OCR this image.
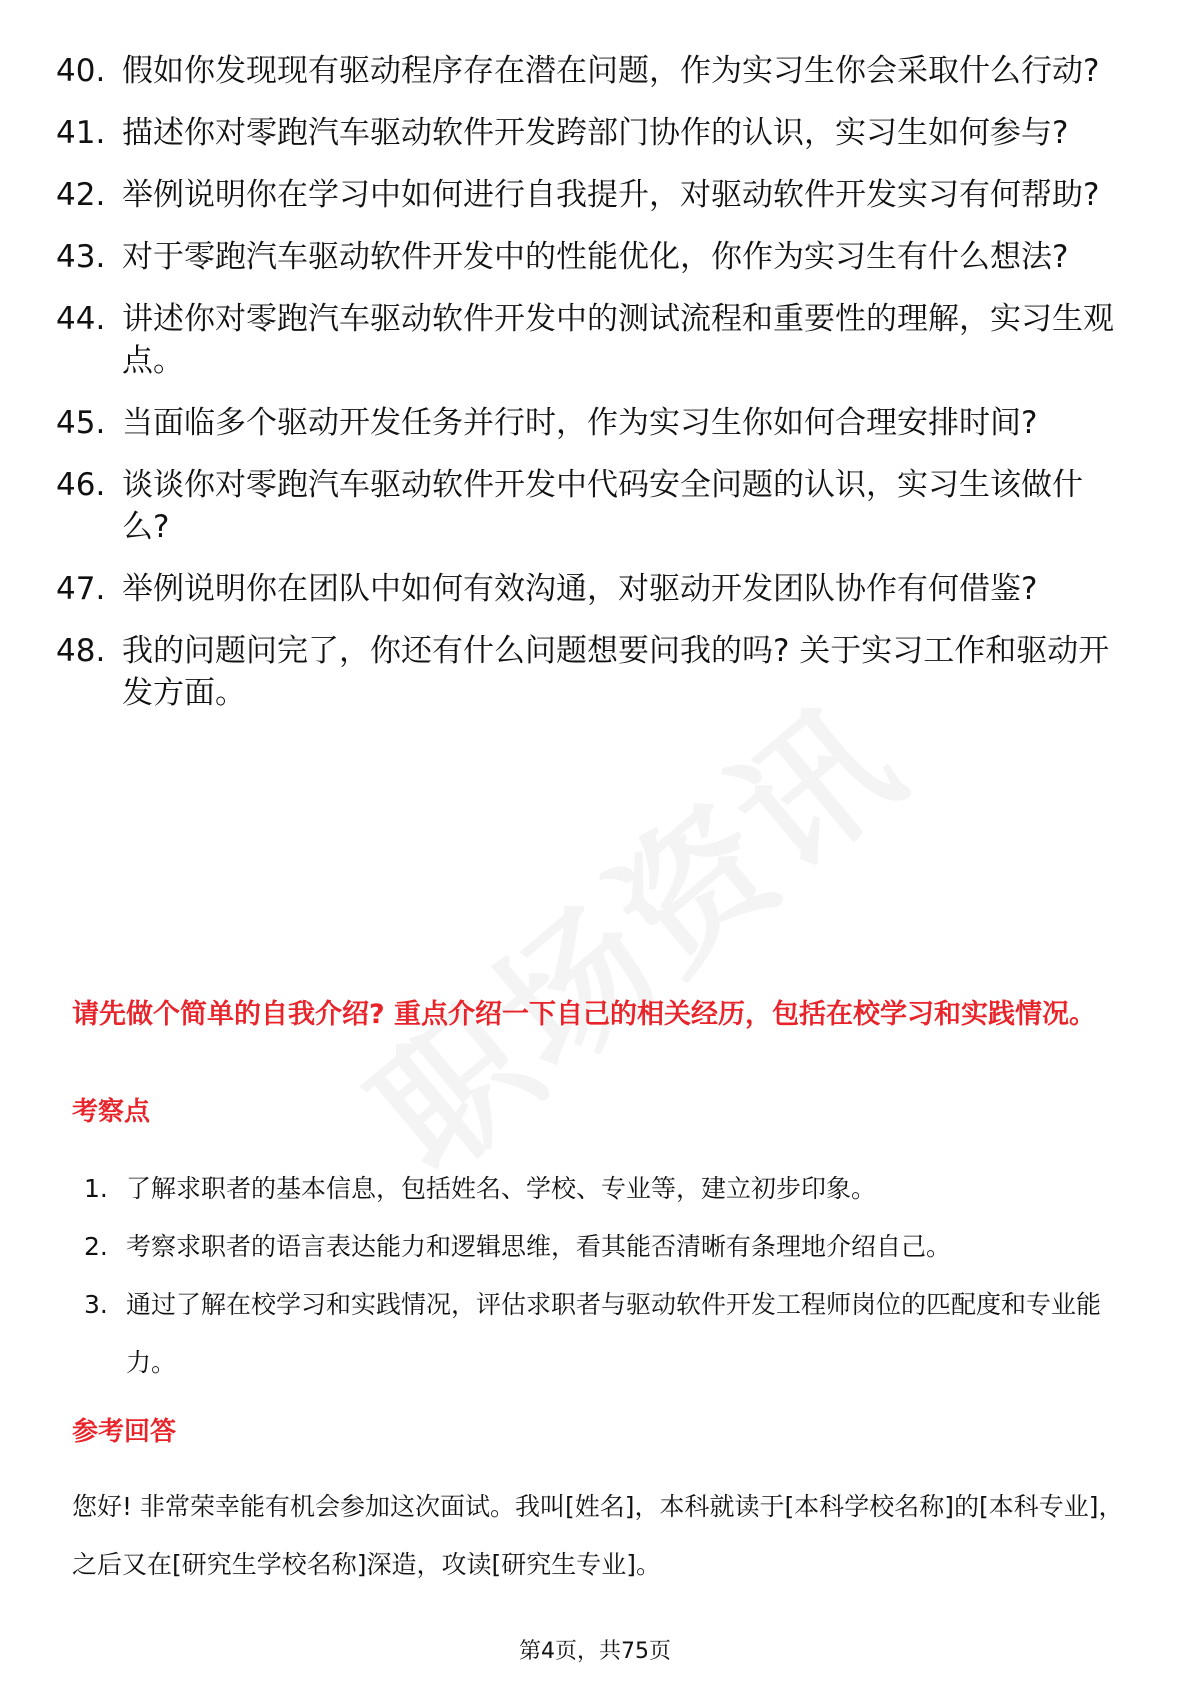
40. 假如你发现现有驱动程序存在潜在问题，作为实习生你会采取什么行动?
41. 描述你对零跑汽车驱动软件开发跨部门协作的认识，实习生如何参与?
42. 举例说明你在学习中如何进行自我提升，对驱动软件开发实习有何帮助?
43. 对于零跑汽车驱动软件开发中的性能优化，你作为实习生有什么想法?
44. 讲述你对零跑汽车驱动软件开发中的测试流程和重要性的理解，实习生观点。
45. 当面临多个驱动开发任务并行时，作为实习生你如何合理安排时间?
46. 谈谈你对零跑汽车驱动软件开发中代码安全问题的认识，实习生该做什么?
47. 举例说明你在团队中如何有效沟通，对驱动开发团队协作有何借鉴?
48. 我的问题问完了，你还有什么问题想要问我的吗? 关于实习工作和驱动开发方面。
请先做个简单的自我介绍? 重点介绍一下自己的相关经历，包括在校学习和实践情况。
考察点
1. 了解求职者的基本信息，包括姓名、学校、专业等，建立初步印象。
2. 考察求职者的语言表达能力和逻辑思维，看其能否清晰有条理地介绍自己。
3. 通过了解在校学习和实践情况，评估求职者与驱动软件开发工程师岗位的匹配度和专业能力。
参考回答
您好! 非常荣幸能有机会参加这次面试。我叫[姓名]，本科就读于[本科学校名称]的[本科专业]，之后又在[研究生学校名称]深造，攻读[研究生专业]。
第4页，共75页
